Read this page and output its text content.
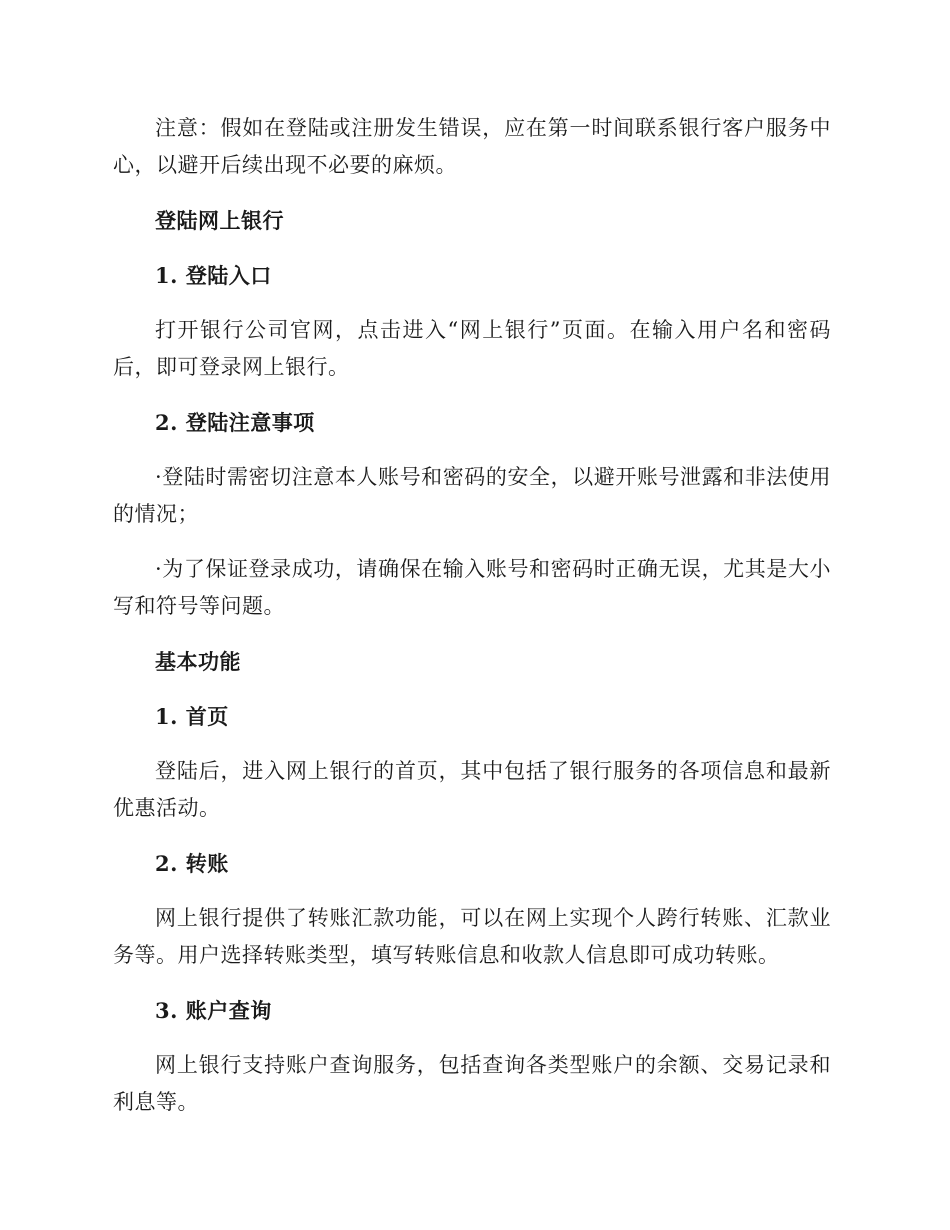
注意：假如在登陆或注册发生错误，应在第一时间联系银行客户服务中心，以避开后续出现不必要的麻烦。

登陆网上银行
1. 登陆入口

打开银行公司官网，点击进入“网上银行”页面。在输入用户名和密码后，即可登录网上银行。

2. 登陆注意事项

·登陆时需密切注意本人账号和密码的安全，以避开账号泄露和非法使用的情况；

·为了保证登录成功，请确保在输入账号和密码时正确无误，尤其是大小写和符号等问题。

基本功能
1. 首页

登陆后，进入网上银行的首页，其中包括了银行服务的各项信息和最新优惠活动。

2. 转账

网上银行提供了转账汇款功能，可以在网上实现个人跨行转账、汇款业务等。用户选择转账类型，填写转账信息和收款人信息即可成功转账。

3. 账户查询

网上银行支持账户查询服务，包括查询各类型账户的余额、交易记录和利息等。
